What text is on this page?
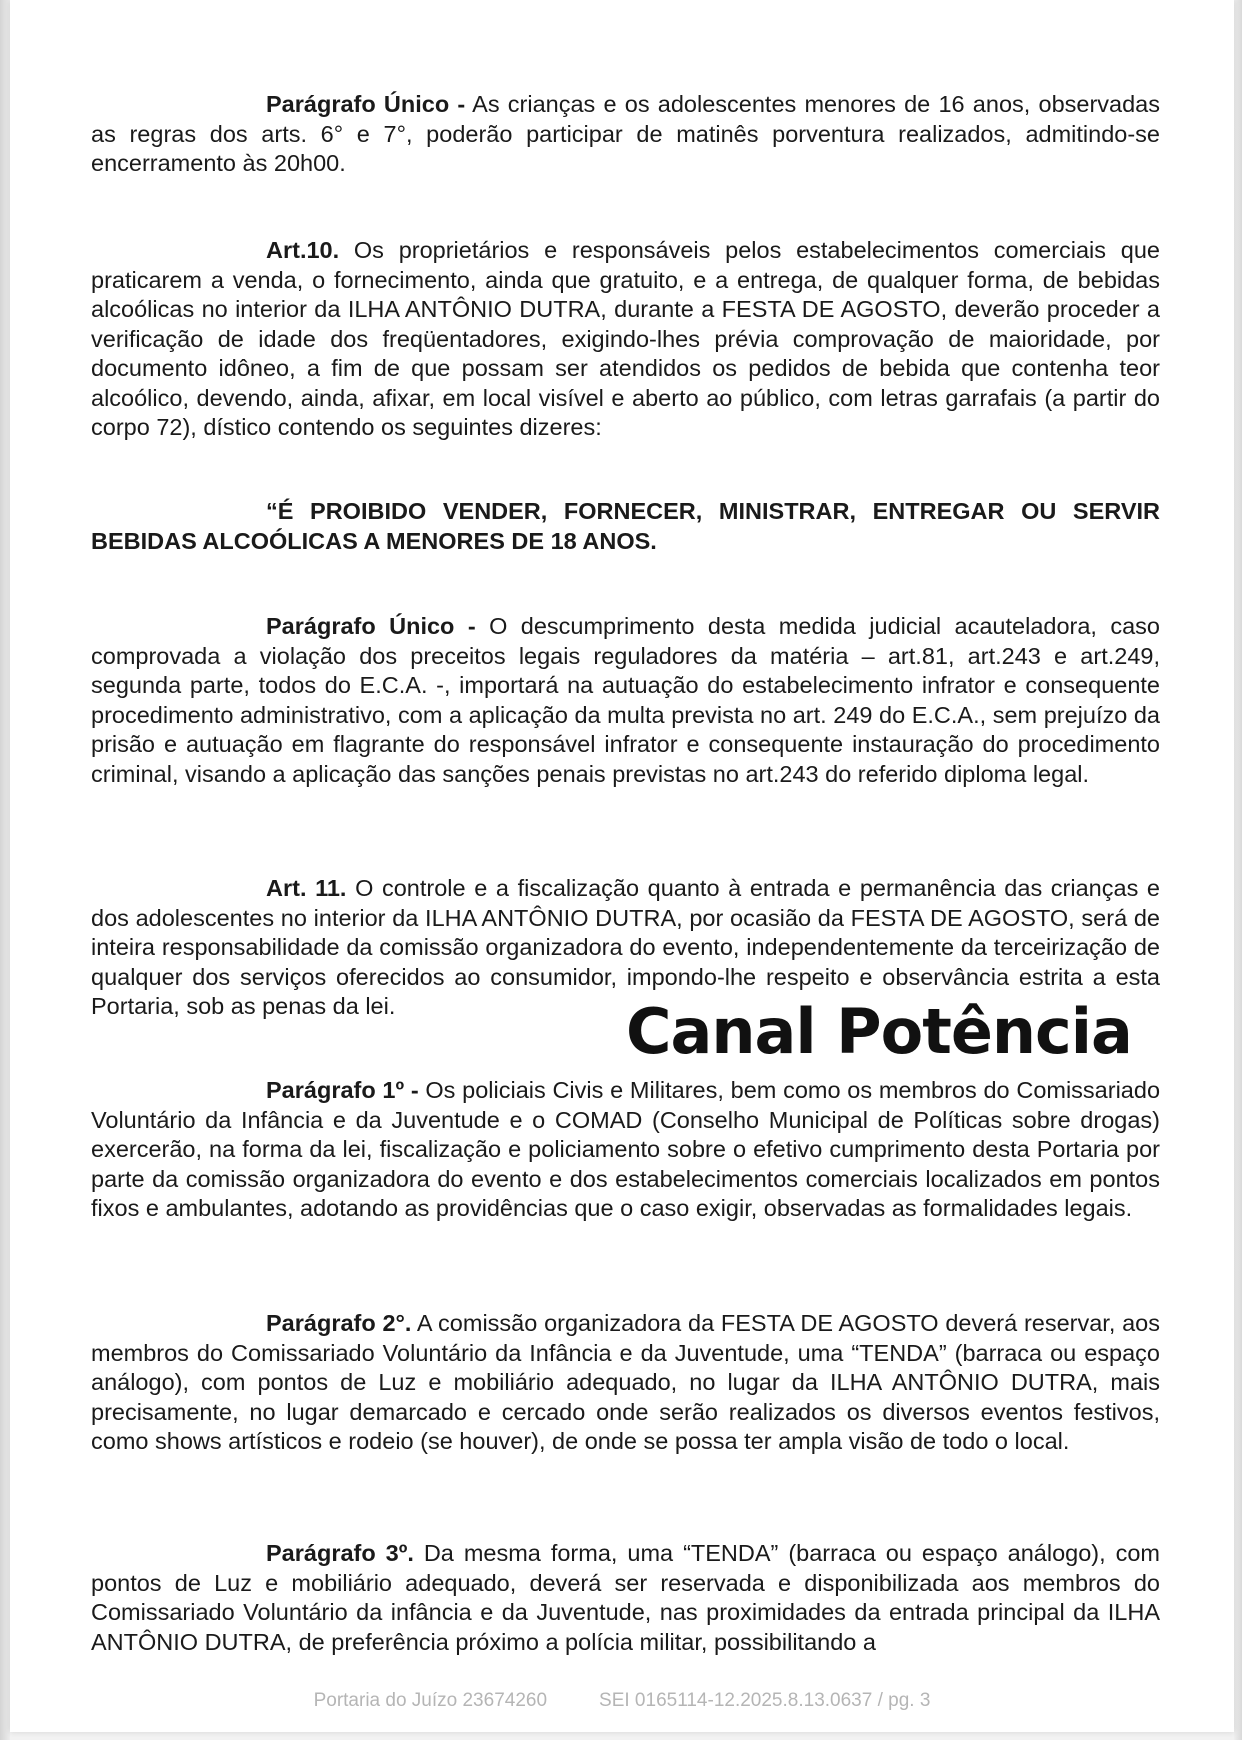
Parágrafo Único - As crianças e os adolescentes menores de 16 anos, observadas as regras dos arts. 6° e 7°, poderão participar de matinês porventura realizados, admitindo-se encerramento às 20h00.

Art.10. Os proprietários e responsáveis pelos estabelecimentos comerciais que praticarem a venda, o fornecimento, ainda que gratuito, e a entrega, de qualquer forma, de bebidas alcoólicas no interior da ILHA ANTÔNIO DUTRA, durante a FESTA DE AGOSTO, deverão proceder a verificação de idade dos freqüentadores, exigindo-lhes prévia comprovação de maioridade, por documento idôneo, a fim de que possam ser atendidos os pedidos de bebida que contenha teor alcoólico, devendo, ainda, afixar, em local visível e aberto ao público, com letras garrafais (a partir do corpo 72), dístico contendo os seguintes dizeres:

“É PROIBIDO VENDER, FORNECER, MINISTRAR, ENTREGAR OU SERVIR BEBIDAS ALCOÓLICAS A MENORES DE 18 ANOS.

Parágrafo Único - O descumprimento desta medida judicial acauteladora, caso comprovada a violação dos preceitos legais reguladores da matéria – art.81, art.243 e art.249, segunda parte, todos do E.C.A. -, importará na autuação do estabelecimento infrator e consequente procedimento administrativo, com a aplicação da multa prevista no art. 249 do E.C.A., sem prejuízo da prisão e autuação em flagrante do responsável infrator e consequente instauração do procedimento criminal, visando a aplicação das sanções penais previstas no art.243 do referido diploma legal.

Art. 11. O controle e a fiscalização quanto à entrada e permanência das crianças e dos adolescentes no interior da ILHA ANTÔNIO DUTRA, por ocasião da FESTA DE AGOSTO, será de inteira responsabilidade da comissão organizadora do evento, independentemente da terceirização de qualquer dos serviços oferecidos ao consumidor, impondo-lhe respeito e observância estrita a esta Portaria, sob as penas da lei.

Parágrafo 1º - Os policiais Civis e Militares, bem como os membros do Comissariado Voluntário da Infância e da Juventude e o COMAD (Conselho Municipal de Políticas sobre drogas) exercerão, na forma da lei, fiscalização e policiamento sobre o efetivo cumprimento desta Portaria por parte da comissão organizadora do evento e dos estabelecimentos comerciais localizados em pontos fixos e ambulantes, adotando as providências que o caso exigir, observadas as formalidades legais.

Parágrafo 2°. A comissão organizadora da FESTA DE AGOSTO deverá reservar, aos membros do Comissariado Voluntário da Infância e da Juventude, uma “TENDA” (barraca ou espaço análogo), com pontos de Luz e mobiliário adequado, no lugar da ILHA ANTÔNIO DUTRA, mais precisamente, no lugar demarcado e cercado onde serão realizados os diversos eventos festivos, como shows artísticos e rodeio (se houver), de onde se possa ter ampla visão de todo o local.

Parágrafo 3º. Da mesma forma, uma “TENDA” (barraca ou espaço análogo), com pontos de Luz e mobiliário adequado, deverá ser reservada e disponibilizada aos membros do Comissariado Voluntário da infância e da Juventude, nas proximidades da entrada principal da ILHA ANTÔNIO DUTRA, de preferência próximo a polícia militar, possibilitando a

Canal Potência
Portaria do Juízo 23674260	SEI 0165114-12.2025.8.13.0637 / pg. 3
